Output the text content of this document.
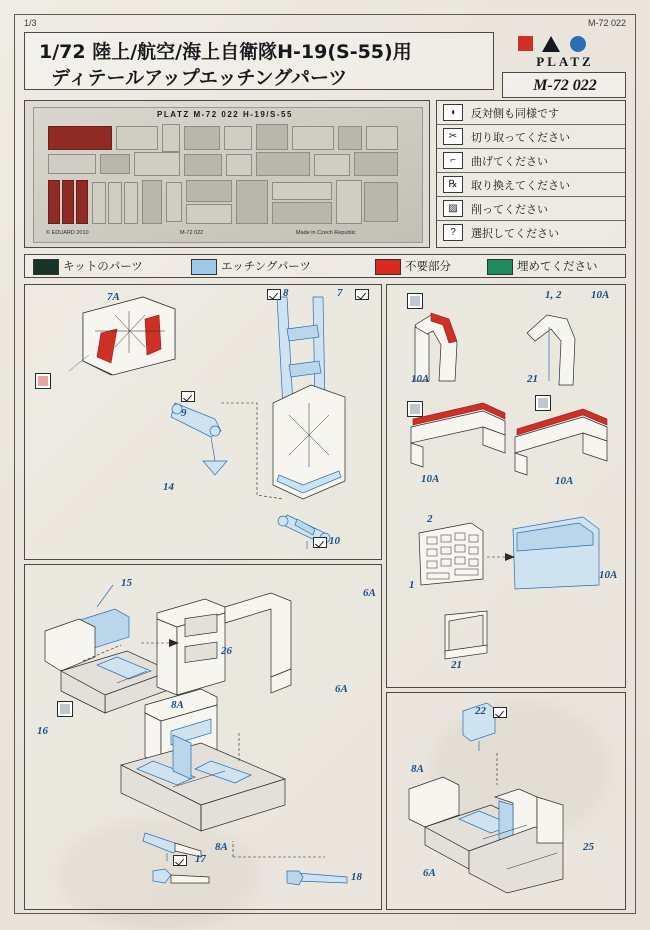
1/3	M-72 022
1/72 陸上/航空/海上自衛隊H-19(S-55)用
ディテールアップエッチングパーツ
PLATZ
M-72 022
PLATZ M-72 022 H-19/S-55
© EDUARD 2010	M-72 022	Made in Czech Republic
◖	反対側も同様です
✂	切り取ってください
⌐	曲げてください
℞	取り換えてください
▨	削ってください
?	選択してください
キットのパーツ	エッチングパーツ	不要部分	埋めてください
7A	8	7
9
14
10
1, 2	10A
10A	21
10A	10A
2
1
10A
21
15
6A
26
16
8A
6A
8A
17
18
22
8A
25
6A
